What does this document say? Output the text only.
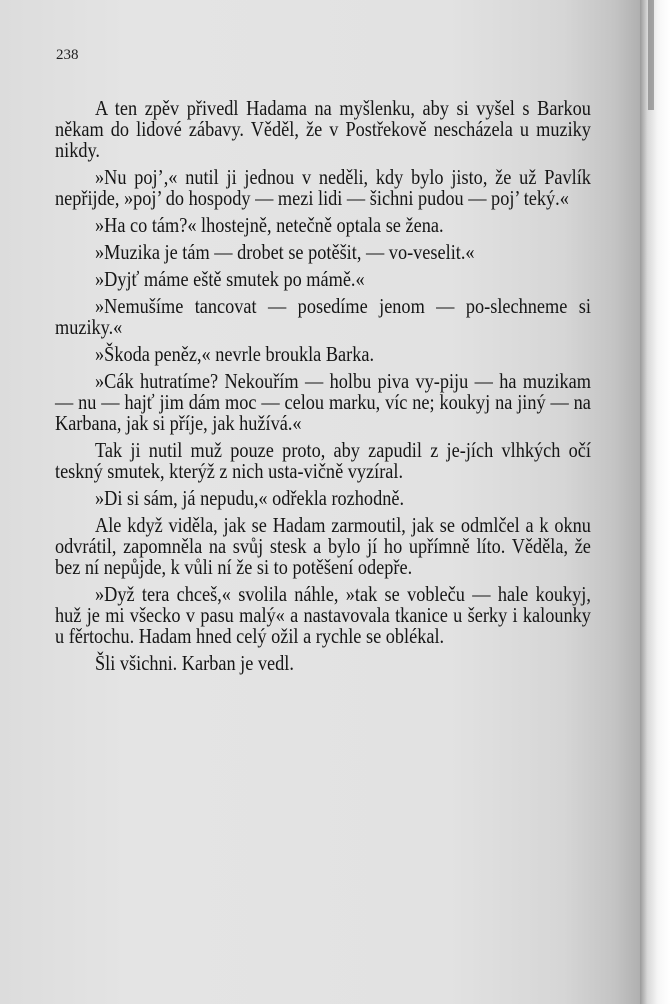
238

A ten zpěv přivedl Hadama na myšlenku, aby si vyšel s Barkou někam do lidové zábavy. Věděl, že v Postřekově nescházela u muziky nikdy.

»Nu poj’,« nutil ji jednou v neděli, kdy bylo jisto, že už Pavlík nepřijde, »poj’ do hospody — mezi lidi — šichni pudou — poj’ teký.«

»Ha co tám?« lhostejně, netečně optala se žena.

»Muzika je tám — drobet se potěšit, — vo-veselit.«

»Dyjť máme eště smutek po mámě.«

»Nemušíme tancovat — posedíme jenom — po-slechneme si muziky.«

»Škoda peněz,« nevrle broukla Barka.

»Cák hutratíme? Nekouřím — holbu piva vy-piju — ha muzikam — nu — hajť jim dám moc — celou marku, víc ne; koukyj na jiný — na Karbana, jak si příje, jak hužívá.«

Tak ji nutil muž pouze proto, aby zapudil z je-jích vlhkých očí teskný smutek, kterýž z nich usta-vičně vyzíral.

»Di si sám, já nepudu,« odřekla rozhodně.

Ale když viděla, jak se Hadam zarmoutil, jak se odmlčel a k oknu odvrátil, zapomněla na svůj stesk a bylo jí ho upřímně líto. Věděla, že bez ní nepůjde, k vůli ní že si to potěšení odepře.

»Dyž tera chceš,« svolila náhle, »tak se vobleču — hale koukyj, huž je mi všecko v pasu malý« a nastavovala tkanice u šerky i kalounky u fěrtochu. Hadam hned celý ožil a rychle se oblékal.

Šli všichni. Karban je vedl.
